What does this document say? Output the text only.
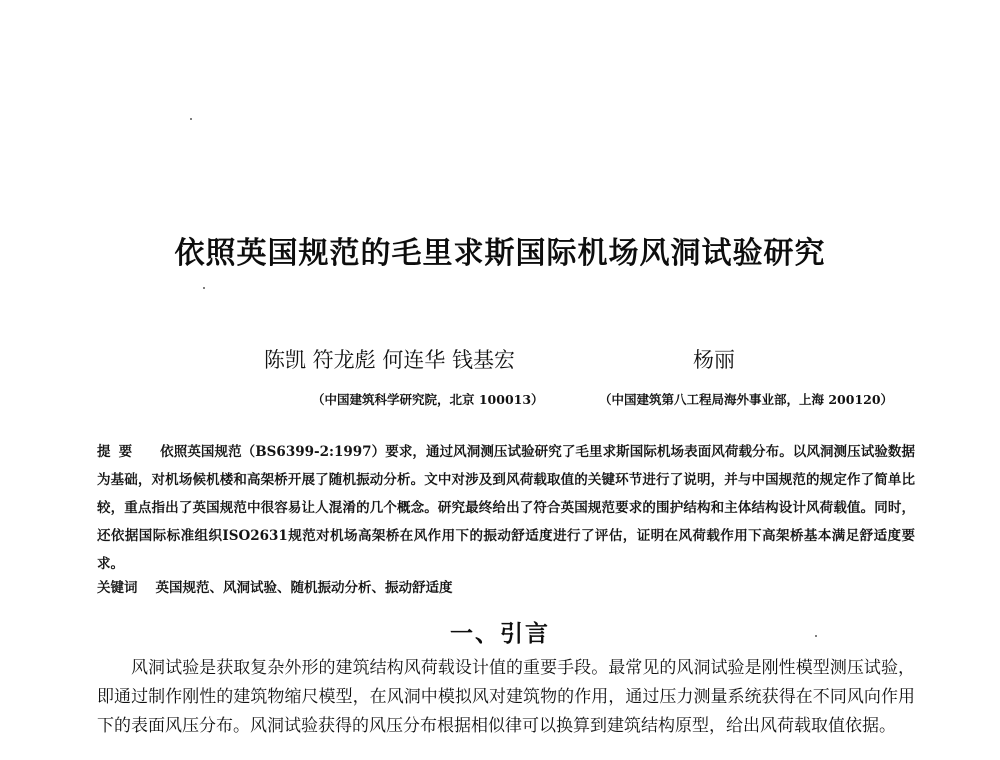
依照英国规范的毛里求斯国际机场风洞试验研究
陈凯 符龙彪 何连华 钱基宏	杨丽
（中国建筑科学研究院，北京 100013）	（中国建筑第八工程局海外事业部，上海 200120）
提要 依照英国规范（BS6399-2:1997）要求，通过风洞测压试验研究了毛里求斯国际机场表面风荷载分布。以风洞测压试验数据为基础，对机场候机楼和高架桥开展了随机振动分析。文中对涉及到风荷载取值的关键环节进行了说明，并与中国规范的规定作了简单比较，重点指出了英国规范中很容易让人混淆的几个概念。研究最终给出了符合英国规范要求的围护结构和主体结构设计风荷载值。同时，还依据国际标准组织ISO2631规范对机场高架桥在风作用下的振动舒适度进行了评估，证明在风荷载作用下高架桥基本满足舒适度要求。
关键词 英国规范、风洞试验、随机振动分析、振动舒适度
一、引言
风洞试验是获取复杂外形的建筑结构风荷载设计值的重要手段。最常见的风洞试验是刚性模型测压试验，即通过制作刚性的建筑物缩尺模型，在风洞中模拟风对建筑物的作用，通过压力测量系统获得在不同风向作用下的表面风压分布。风洞试验获得的风压分布根据相似律可以换算到建筑结构原型，给出风荷载取值依据。
